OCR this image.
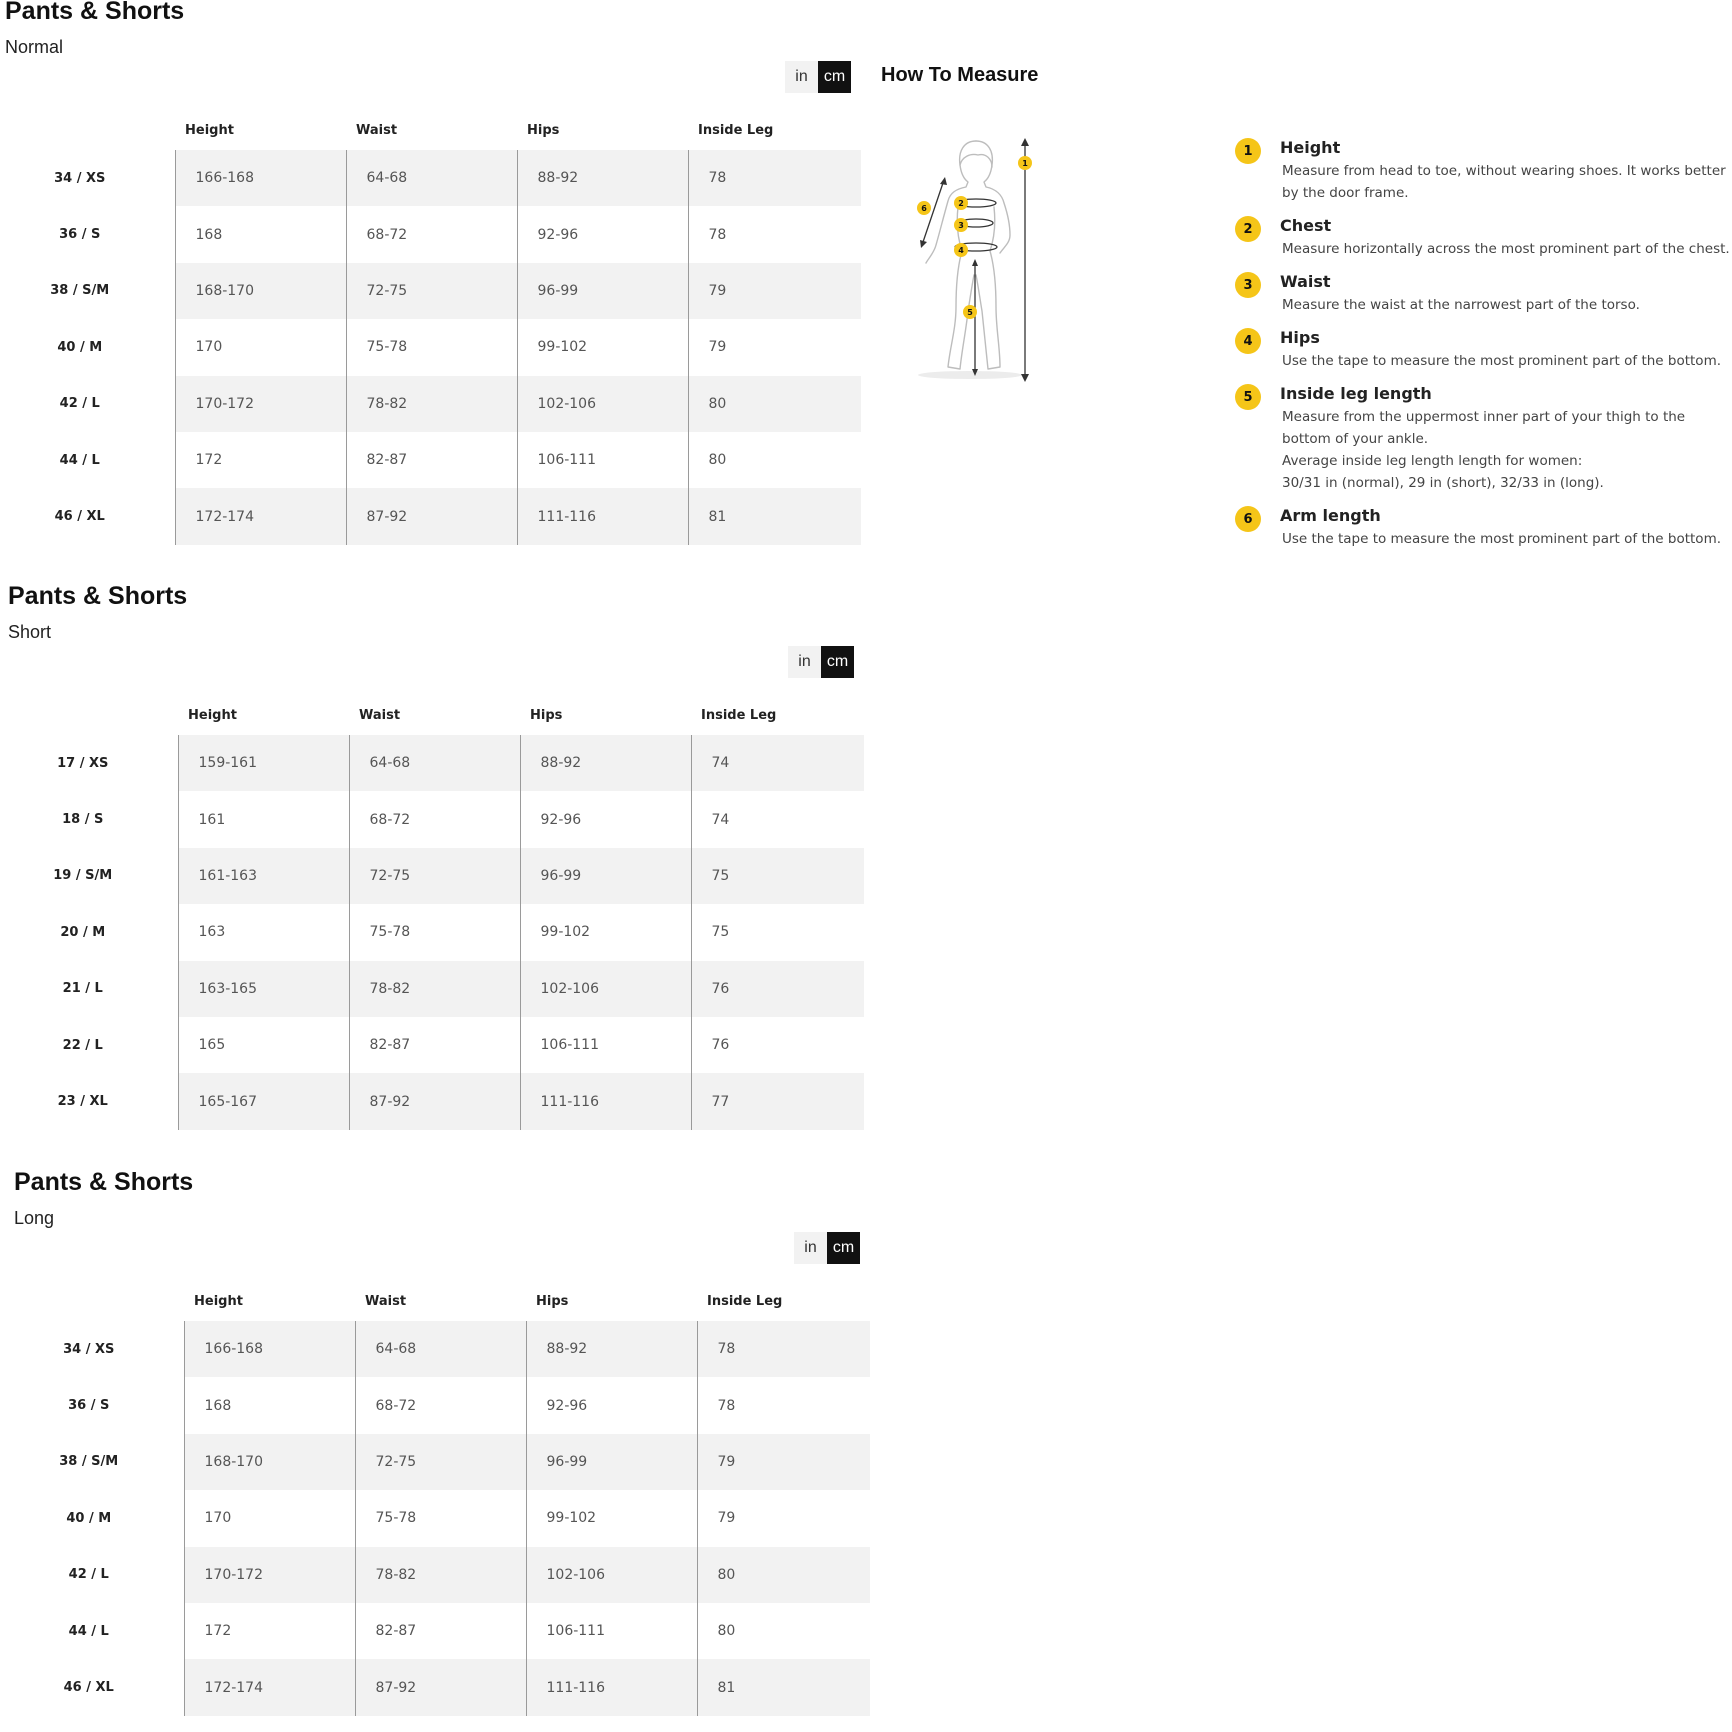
Pants & Shorts
Normal
in	cm
	Height	Waist	Hips	Inside Leg
34 / XS	166-168	64-68	88-92	78
36 / S	168	68-72	92-96	78
38 / S/M	168-170	72-75	96-99	79
40 / M	170	75-78	99-102	79
42 / L	170-172	78-82	102-106	80
44 / L	172	82-87	106-111	80
46 / XL	172-174	87-92	111-116	81
Pants & Shorts
Short
in	cm
	Height	Waist	Hips	Inside Leg
17 / XS	159-161	64-68	88-92	74
18 / S	161	68-72	92-96	74
19 / S/M	161-163	72-75	96-99	75
20 / M	163	75-78	99-102	75
21 / L	163-165	78-82	102-106	76
22 / L	165	82-87	106-111	76
23 / XL	165-167	87-92	111-116	77
Pants & Shorts
Long
in	cm
	Height	Waist	Hips	Inside Leg
34 / XS	166-168	64-68	88-92	78
36 / S	168	68-72	92-96	78
38 / S/M	168-170	72-75	96-99	79
40 / M	170	75-78	99-102	79
42 / L	170-172	78-82	102-106	80
44 / L	172	82-87	106-111	80
46 / XL	172-174	87-92	111-116	81
How To Measure
1
2
3
4
5
6
1	Height
Measure from head to toe, without wearing shoes. It works better by the door frame.
2	Chest
Measure horizontally across the most prominent part of the chest.
3	Waist
Measure the waist at the narrowest part of the torso.
4	Hips
Use the tape to measure the most prominent part of the bottom.
5	Inside leg length
Measure from the uppermost inner part of your thigh to the bottom of your ankle.
Average inside leg length length for women:
30/31 in (normal), 29 in (short), 32/33 in (long).
6	Arm length
Use the tape to measure the most prominent part of the bottom.
